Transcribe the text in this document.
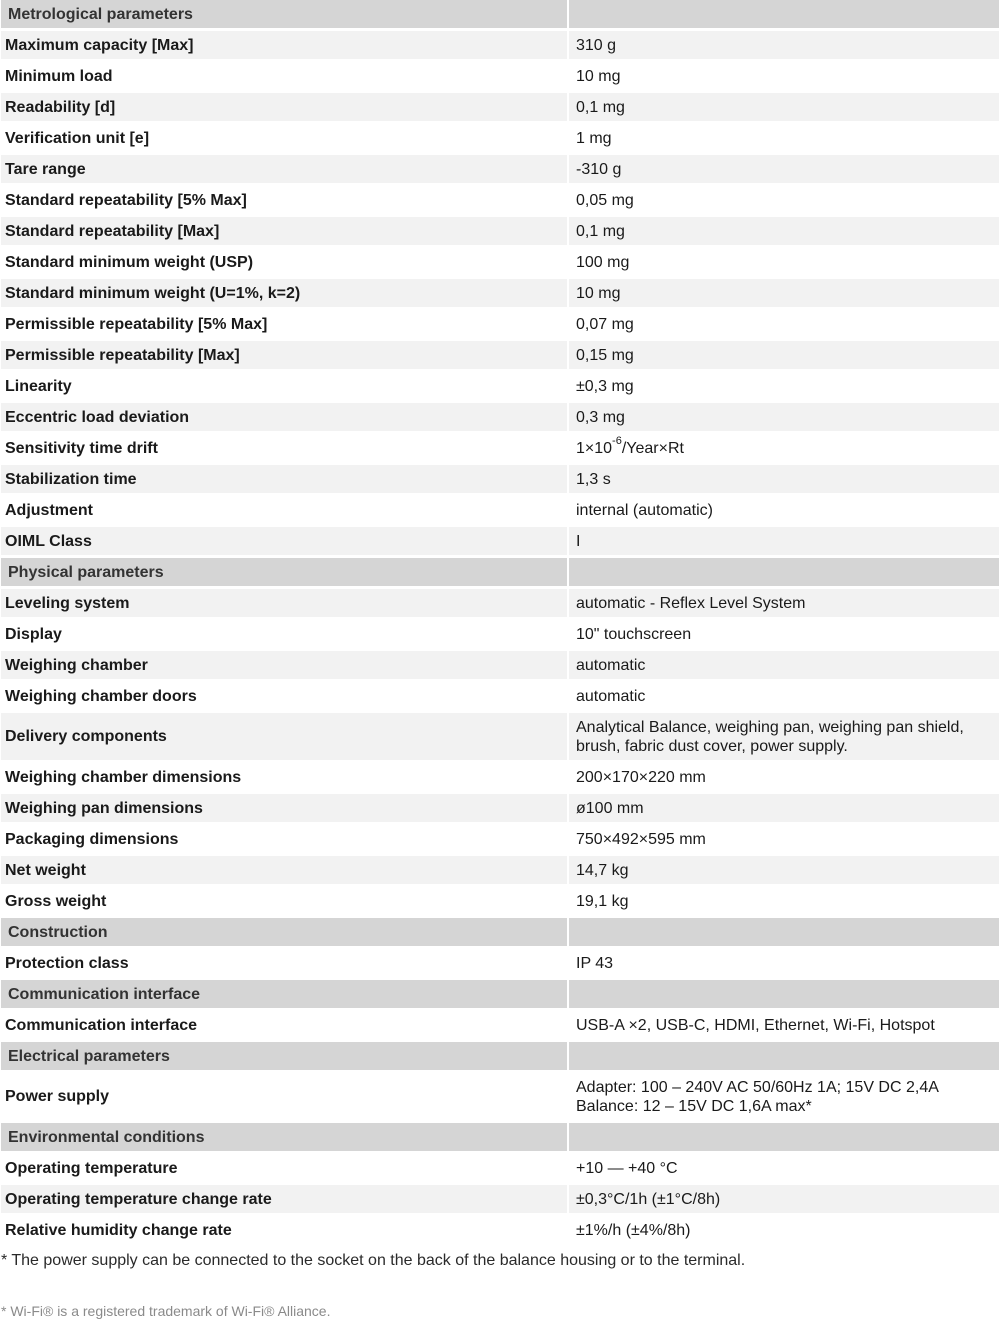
Metrological parameters	
Maximum capacity [Max]	310 g
Minimum load	10 mg
Readability [d]	0,1 mg
Verification unit [e]	1 mg
Tare range	-310 g
Standard repeatability [5% Max]	0,05 mg
Standard repeatability [Max]	0,1 mg
Standard minimum weight (USP)	100 mg
Standard minimum weight (U=1%, k=2)	10 mg
Permissible repeatability [5% Max]	0,07 mg
Permissible repeatability [Max]	0,15 mg
Linearity	±0,3 mg
Eccentric load deviation	0,3 mg
Sensitivity time drift	$1\times 10^{-6}/Year\times Rt$
Stabilization time	1,3 s
Adjustment	internal (automatic)
OIML Class	I
Physical parameters	
Leveling system	automatic - Reflex Level System
Display	10" touchscreen
Weighing chamber	automatic
Weighing chamber doors	automatic
Delivery components	Analytical Balance, weighing pan, weighing pan shield,
brush, fabric dust cover, power supply.

Weighing chamber dimensions	200×170×220 mm
Weighing pan dimensions	ø100 mm
Packaging dimensions	750×492×595 mm
Net weight	14,7 kg
Gross weight	19,1 kg
Construction	
Protection class	IP 43
Communication interface	
Communication interface	USB-A ×2, USB-C, HDMI, Ethernet, Wi-Fi, Hotspot
Electrical parameters	
Power supply	Adapter: 100 – 240V AC 50/60Hz 1A; 15V DC 2,4A
Balance: 12 – 15V DC 1,6A max*

Environmental conditions	
Operating temperature	+10 — +40 °C
Operating temperature change rate	±0,3°C/1h (±1°C/8h)
Relative humidity change rate	±1%/h (±4%/8h)
* The power supply can be connected to the socket on the back of the balance housing or to the terminal.
* Wi-Fi® is a registered trademark of Wi-Fi® Alliance.
